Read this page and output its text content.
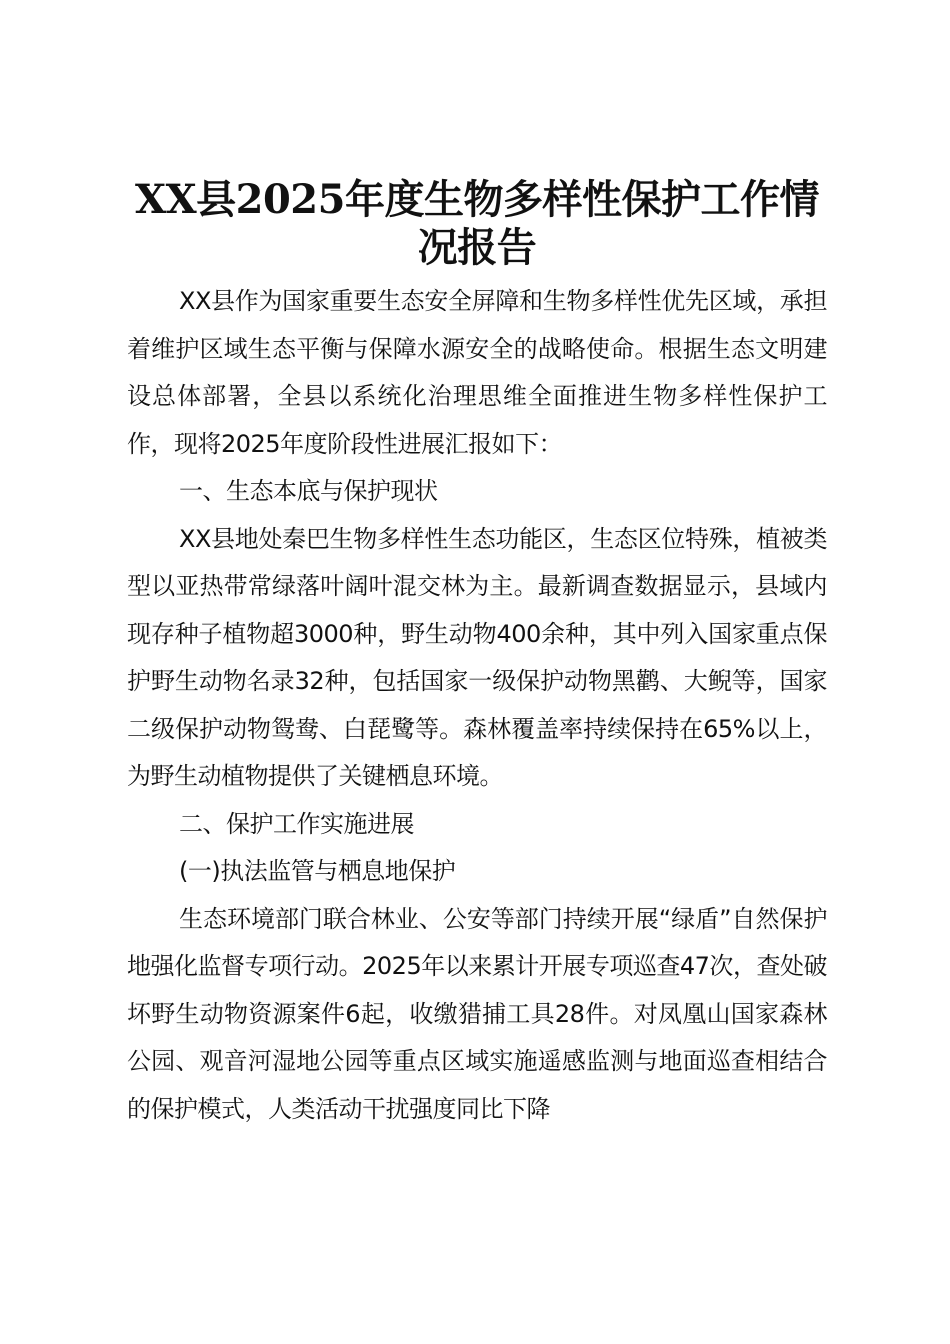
XX县2025年度生物多样性保护工作情
况报告

XX县作为国家重要生态安全屏障和生物多样性优先区域，承担着维护区域生态平衡与保障水源安全的战略使命。根据生态文明建设总体部署，全县以系统化治理思维全面推进生物多样性保护工作，现将2025年度阶段性进展汇报如下：

一、生态本底与保护现状

XX县地处秦巴生物多样性生态功能区，生态区位特殊，植被类型以亚热带常绿落叶阔叶混交林为主。最新调查数据显示，县域内现存种子植物超3000种，野生动物400余种，其中列入国家重点保护野生动物名录32种，包括国家一级保护动物黑鹳、大鲵等，国家二级保护动物鸳鸯、白琵鹭等。森林覆盖率持续保持在65%以上，为野生动植物提供了关键栖息环境。

二、保护工作实施进展

(一)执法监管与栖息地保护

生态环境部门联合林业、公安等部门持续开展“绿盾”自然保护地强化监督专项行动。2025年以来累计开展专项巡查47次，查处破坏野生动物资源案件6起，收缴猎捕工具28件。对凤凰山国家森林公园、观音河湿地公园等重点区域实施遥感监测与地面巡查相结合的保护模式，人类活动干扰强度同比下降
